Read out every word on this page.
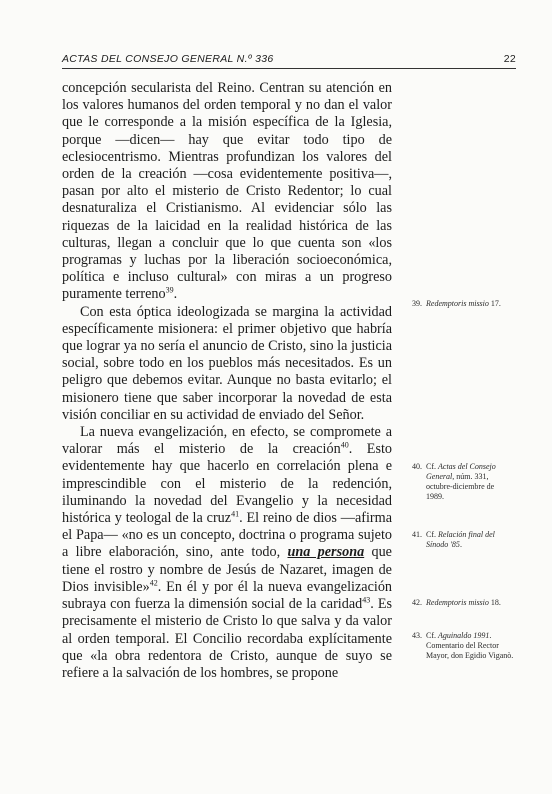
ACTAS DEL CONSEJO GENERAL N.º 336	22

concepción secularista del Reino. Centran su atención en los valores humanos del orden temporal y no dan el valor que le corresponde a la misión específica de la Iglesia, porque —dicen— hay que evitar todo tipo de eclesiocentrismo. Mientras profundizan los valores del orden de la creación —cosa evidentemente positiva—, pasan por alto el misterio de Cristo Redentor; lo cual desnaturaliza el Cristianismo. Al evidenciar sólo las riquezas de la laicidad en la realidad histórica de las culturas, llegan a concluir que lo que cuenta son «los programas y luchas por la liberación socioeconómica, política e incluso cultural» con miras a un progreso puramente terreno$^{39}$.

Con esta óptica ideologizada se margina la actividad específicamente misionera: el primer objetivo que habría que lograr ya no sería el anuncio de Cristo, sino la justicia social, sobre todo en los pueblos más necesitados. Es un peligro que debemos evitar. Aunque no basta evitarlo; el misionero tiene que saber incorporar la novedad de esta visión conciliar en su actividad de enviado del Señor.

La nueva evangelización, en efecto, se compromete a valorar más el misterio de la creación$^{40}$. Esto evidentemente hay que hacerlo en correlación plena e imprescindible con el misterio de la redención, iluminando la novedad del Evangelio y la necesidad histórica y teologal de la cruz$^{41}$. El reino de dios —afirma el Papa— «no es un concepto, doctrina o programa sujeto a libre elaboración, sino, ante todo, una persona que tiene el rostro y nombre de Jesús de Nazaret, imagen de Dios invisible»$^{42}$. En él y por él la nueva evangelización subraya con fuerza la dimensión social de la caridad$^{43}$. Es precisamente el misterio de Cristo lo que salva y da valor al orden temporal. El Concilio recordaba explícitamente que «la obra redentora de Cristo, aunque de suyo se refiere a la salvación de los hombres, se propone

39. Redemptoris missio 17.
40. Cf. Actas del Consejo General, núm. 331, octubre-diciembre de 1989.
41. Cf. Relación final del Sínodo '85.
42. Redemptoris missio 18.
43. Cf. Aguinaldo 1991. Comentario del Rector Mayor, don Egidio Viganò.
